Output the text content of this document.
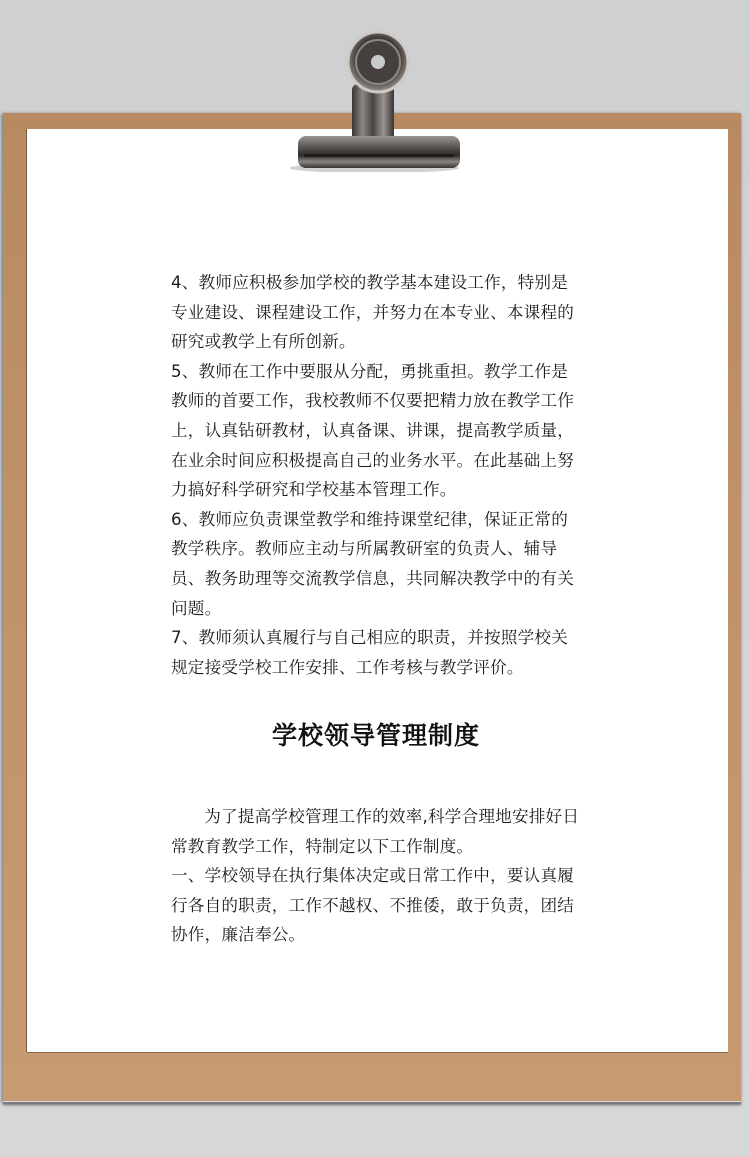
4、教师应积极参加学校的教学基本建设工作，特别是专业建设、课程建设工作，并努力在本专业、本课程的研究或教学上有所创新。

5、教师在工作中要服从分配，勇挑重担。教学工作是教师的首要工作，我校教师不仅要把精力放在教学工作上，认真钻研教材，认真备课、讲课，提高教学质量，在业余时间应积极提高自己的业务水平。在此基础上努力搞好科学研究和学校基本管理工作。

6、教师应负责课堂教学和维持课堂纪律，保证正常的教学秩序。教师应主动与所属教研室的负责人、辅导员、教务助理等交流教学信息，共同解决教学中的有关问题。

7、教师须认真履行与自己相应的职责，并按照学校关规定接受学校工作安排、工作考核与教学评价。

学校领导管理制度

为了提高学校管理工作的效率,科学合理地安排好日常教育教学工作，特制定以下工作制度。

一、学校领导在执行集体决定或日常工作中，要认真履行各自的职责，工作不越权、不推倭，敢于负责，团结协作，廉洁奉公。
